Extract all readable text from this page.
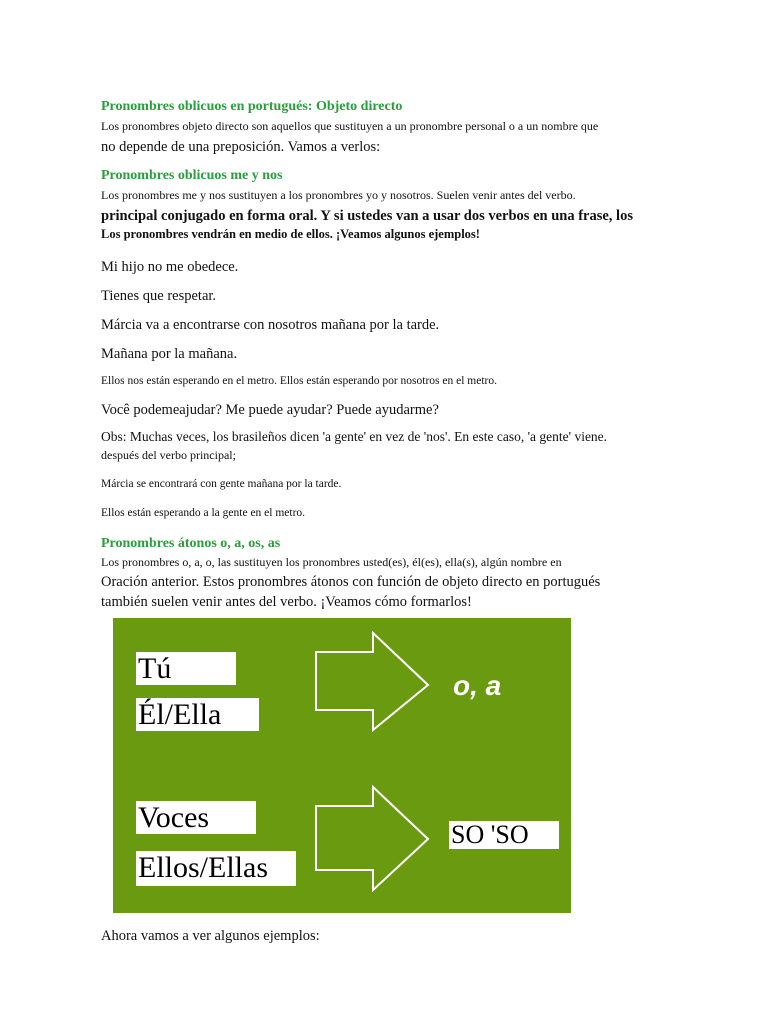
Pronombres oblicuos en portugués: Objeto directo

Los pronombres objeto directo son aquellos que sustituyen a un pronombre personal o a un nombre que

no depende de una preposición. Vamos a verlos:

Pronombres oblicuos me y nos

Los pronombres me y nos sustituyen a los pronombres yo y nosotros. Suelen venir antes del verbo.

principal conjugado en forma oral. Y si ustedes van a usar dos verbos en una frase, los

Los pronombres vendrán en medio de ellos. ¡Veamos algunos ejemplos!

Mi hijo no me obedece.

Tienes que respetar.

Márcia va a encontrarse con nosotros mañana por la tarde.

Mañana por la mañana.

Ellos nos están esperando en el metro. Ellos están esperando por nosotros en el metro.

Você podemeajudar? Me puede ayudar? Puede ayudarme?

Obs: Muchas veces, los brasileños dicen 'a gente' en vez de 'nos'. En este caso, 'a gente' viene.

después del verbo principal;

Márcia se encontrará con gente mañana por la tarde.

Ellos están esperando a la gente en el metro.

Pronombres átonos o, a, os, as

Los pronombres o, a, o, las sustituyen los pronombres usted(es), él(es), ella(s), algún nombre en

Oración anterior. Estos pronombres átonos con función de objeto directo en portugués

también suelen venir antes del verbo. ¡Veamos cómo formarlos!

Tú
Él/Ella
o, a
Voces
Ellos/Ellas
SO 'SO

Ahora vamos a ver algunos ejemplos:
